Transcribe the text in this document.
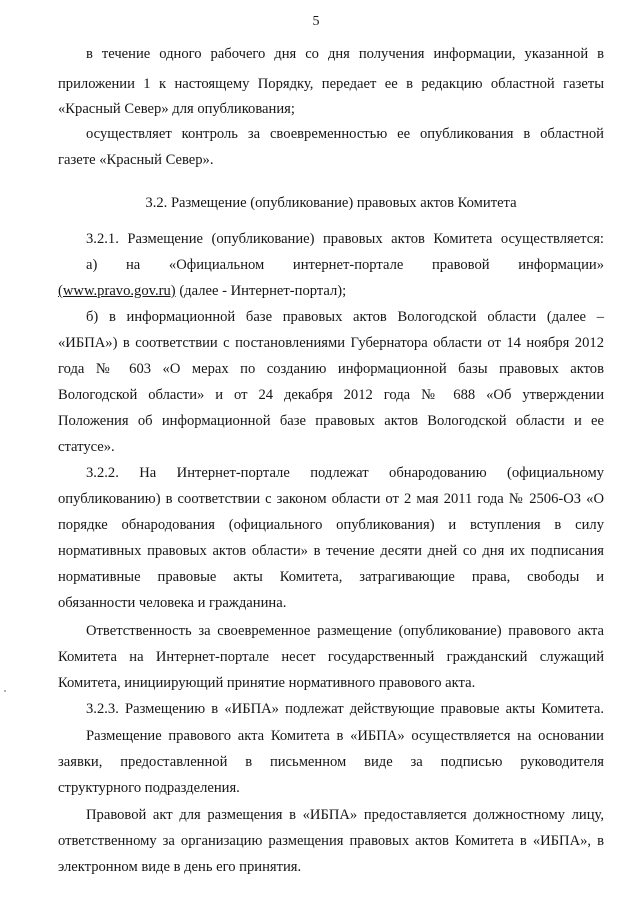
5
в течение одного рабочего дня со дня получения информации, указанной в
приложении 1 к настоящему Порядку, передает ее в редакцию областной газеты
«Красный Север» для опубликования;
осуществляет контроль за своевременностью ее опубликования в областной
газете «Красный Север».
3.2. Размещение (опубликование) правовых актов Комитета
3.2.1. Размещение (опубликование) правовых актов Комитета осуществляется:
а) на «Официальном интернет-портале правовой информации»
(www.pravo.gov.ru) (далее - Интернет-портал);
б) в информационной базе правовых актов Вологодской области (далее –
«ИБПА») в соответствии с постановлениями Губернатора области от 14 ноября 2012
года № 603 «О мерах по созданию информационной базы правовых актов
Вологодской области» и от 24 декабря 2012 года № 688 «Об утверждении
Положения об информационной базе правовых актов Вологодской области и ее
статусе».
3.2.2. На Интернет-портале подлежат обнародованию (официальному
опубликованию) в соответствии с законом области от 2 мая 2011 года № 2506-ОЗ «О
порядке обнародования (официального опубликования) и вступления в силу
нормативных правовых актов области» в течение десяти дней со дня их подписания
нормативные правовые акты Комитета, затрагивающие права, свободы и
обязанности человека и гражданина.
Ответственность за своевременное размещение (опубликование) правового акта
Комитета на Интернет-портале несет государственный гражданский служащий
Комитета, инициирующий принятие нормативного правового акта.
3.2.3. Размещению в «ИБПА» подлежат действующие правовые акты Комитета.
Размещение правового акта Комитета в «ИБПА» осуществляется на основании
заявки, предоставленной в письменном виде за подписью руководителя
структурного подразделения.
Правовой акт для размещения в «ИБПА» предоставляется должностному лицу,
ответственному за организацию размещения правовых актов Комитета в «ИБПА», в
электронном виде в день его принятия.
